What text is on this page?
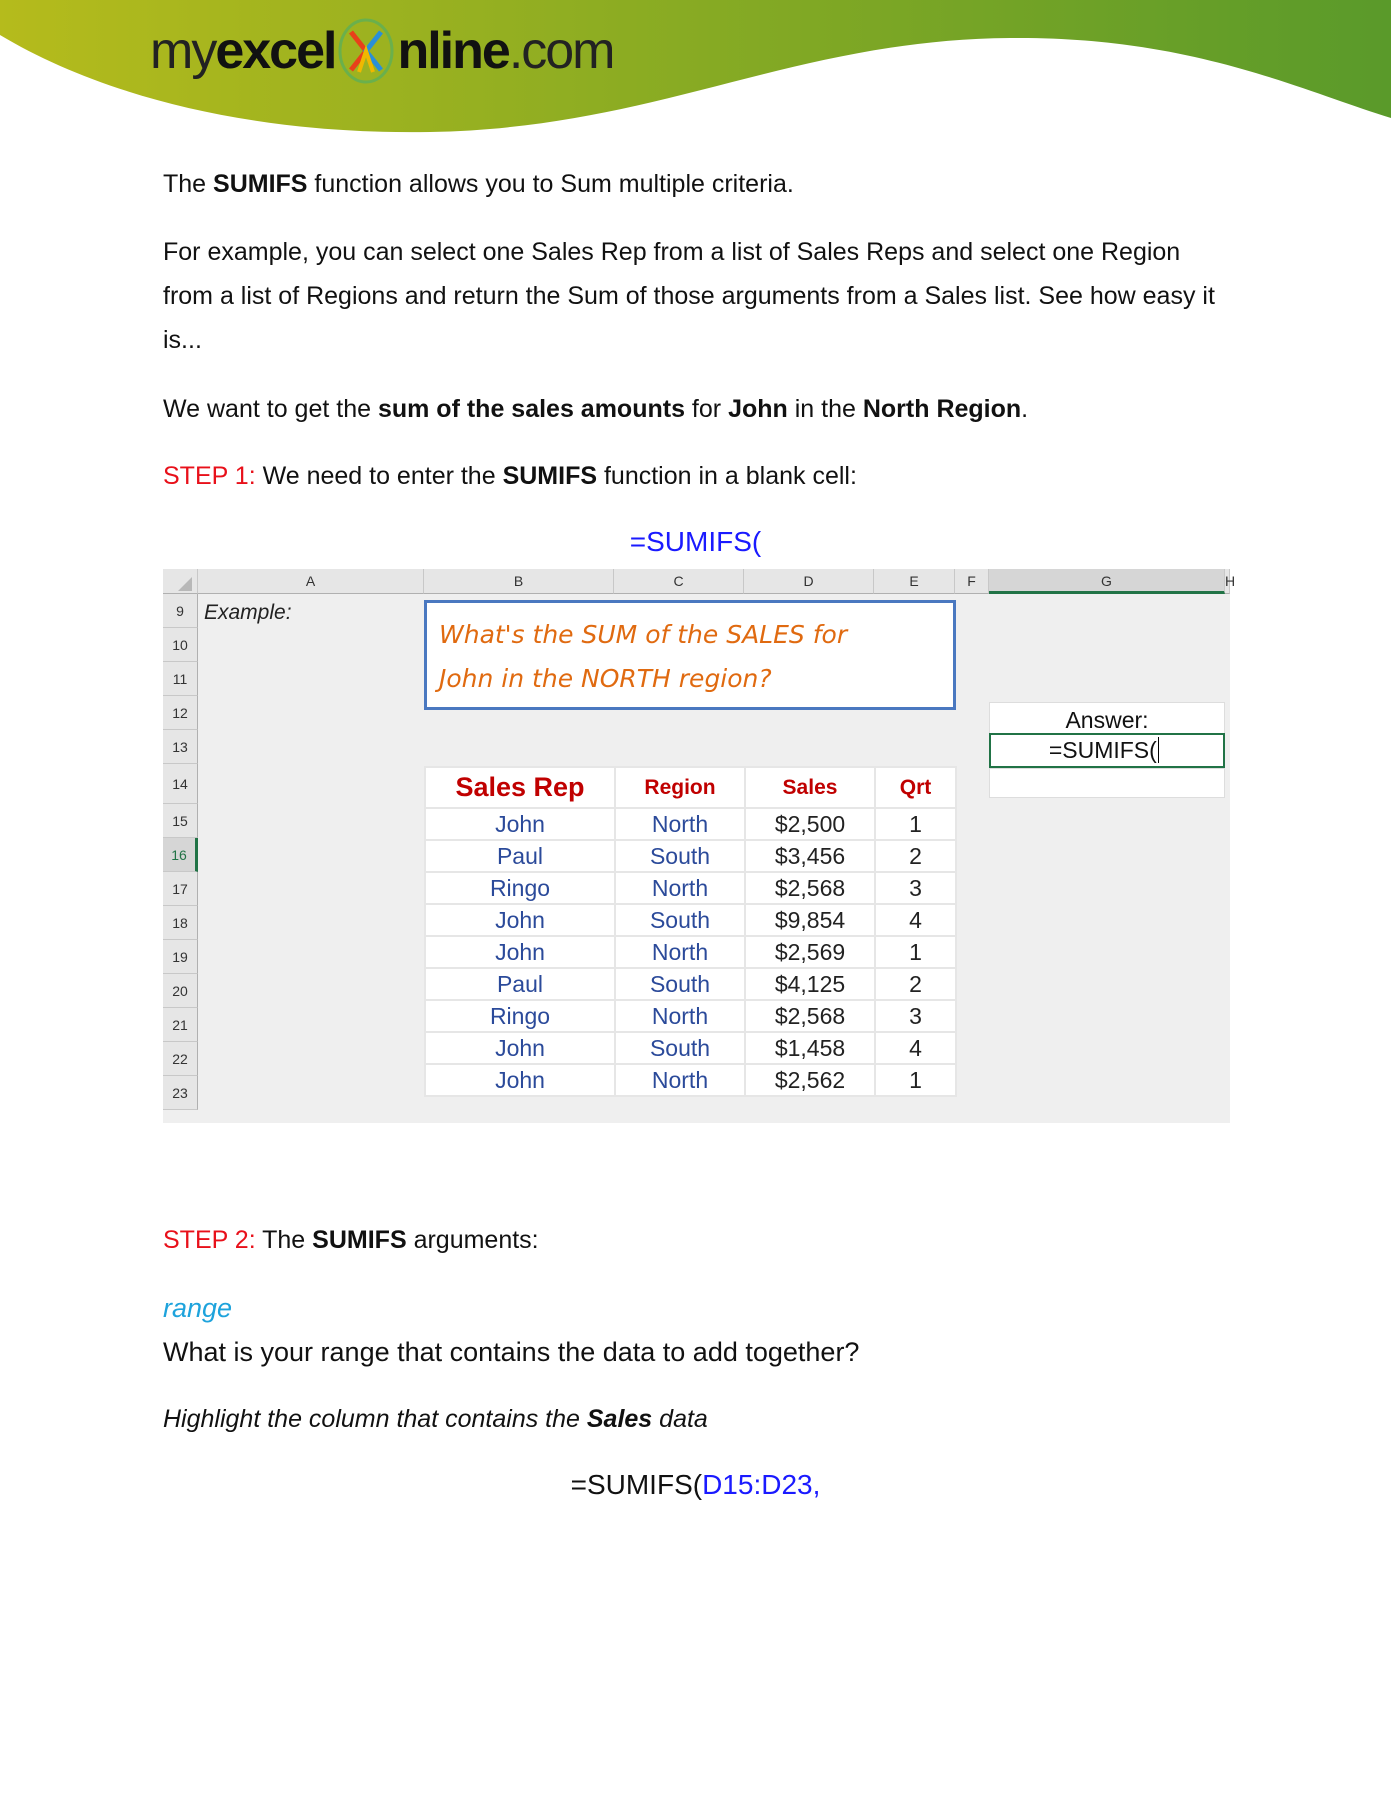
my excel nline .com
The SUMIFS function allows you to Sum multiple criteria.
For example, you can select one Sales Rep from a list of Sales Reps and select one Region from a list of Regions and return the Sum of those arguments from a Sales list. See how easy it is...
We want to get the sum of the sales amounts for John in the North Region.
STEP 1: We need to enter the SUMIFS function in a blank cell:
=SUMIFS(
A	B	C	D	E	F	G	H
9
10
11
12
13
14
15
16
17
18
19
20
21
22
23
Example:
What's the SUM of the SALES for
John in the NORTH region?
Sales Rep	Region	Sales	Qrt
John	North	$2,500	1
Paul	South	$3,456	2
Ringo	North	$2,568	3
John	South	$9,854	4
John	North	$2,569	1
Paul	South	$4,125	2
Ringo	North	$2,568	3
John	South	$1,458	4
John	North	$2,562	1
Answer:
=SUMIFS(
STEP 2: The SUMIFS arguments:
range
What is your range that contains the data to add together?
Highlight the column that contains the Sales data
=SUMIFS(D15:D23,
